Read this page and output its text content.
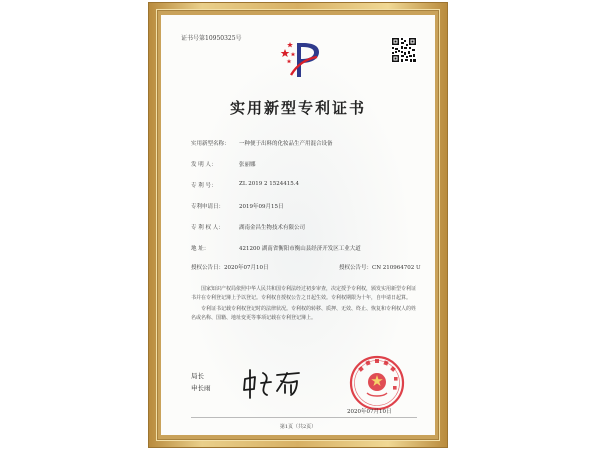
证书号第10950325号
实用新型专利证书
实用新型名称： 一种便于出料的化妆品生产用混合设备
发 明 人：	张丽娜
专 利 号：	ZL 2019 2 1524415.4
专利申请日：	2019年09月15日
专 利 权 人：	湖南金昌生物技术有限公司
地 址：	421200 湖南省衡阳市衡山县经济开发区工业大道
授权公告日：2020年07月10日	授权公告号：CN 210964702 U

国家知识产权局依照中华人民共和国专利法经过初步审查，决定授予专利权，颁发实用新型专利证书并在专利登记簿上予以登记。专利权自授权公告之日起生效。专利权期限为十年，自申请日起算。

专利证书记载专利权登记时的法律状况。专利权的转移、质押、无效、终止、恢复和专利权人的姓名或名称、国籍、地址变更等事项记载在专利登记簿上。

局长
申长雨
2020年07月10日
第1页（共2页）
